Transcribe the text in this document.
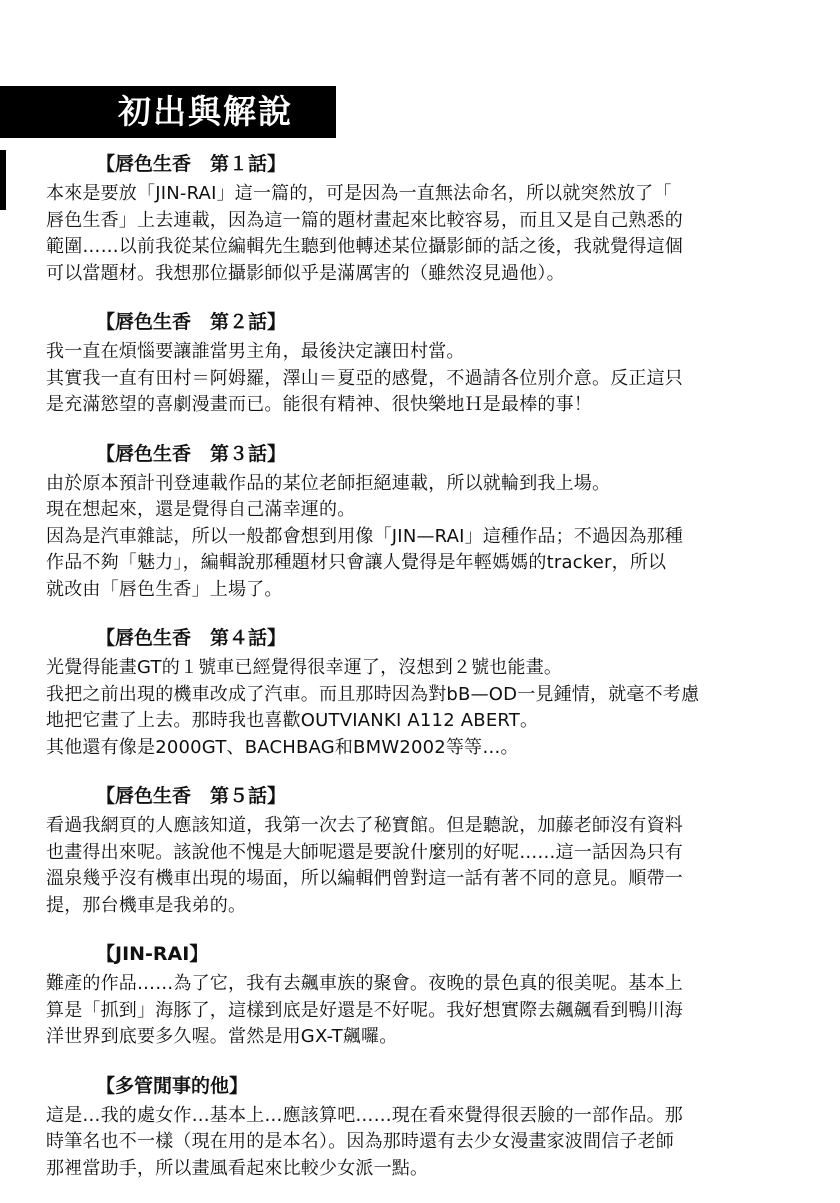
初出與解說
【唇色生香　第１話】
本來是要放「JIN-RAI」這一篇的，可是因為一直無法命名，所以就突然放了「
唇色生香」上去連載，因為這一篇的題材畫起來比較容易，而且又是自己熟悉的
範圍……以前我從某位編輯先生聽到他轉述某位攝影師的話之後，我就覺得這個
可以當題材。我想那位攝影師似乎是滿厲害的（雖然沒見過他）。
【唇色生香　第２話】
我一直在煩惱要讓誰當男主角，最後決定讓田村當。
其實我一直有田村＝阿姆羅，澤山＝夏亞的感覺，不過請各位別介意。反正這只
是充滿慾望的喜劇漫畫而已。能很有精神、很快樂地Ｈ是最棒的事！
【唇色生香　第３話】
由於原本預計刊登連載作品的某位老師拒絕連載，所以就輪到我上場。
現在想起來，還是覺得自己滿幸運的。
因為是汽車雜誌，所以一般都會想到用像「JIN—RAI」這種作品；不過因為那種
作品不夠「魅力」，編輯說那種題材只會讓人覺得是年輕媽媽的tracker，所以
就改由「唇色生香」上場了。
【唇色生香　第４話】
光覺得能畫GT的１號車已經覺得很幸運了，沒想到２號也能畫。
我把之前出現的機車改成了汽車。而且那時因為對bB—OD一見鍾情，就毫不考慮
地把它畫了上去。那時我也喜歡OUTVIANKI A112 ABERT。
其他還有像是2000GT、BACHBAG和BMW2002等等…。
【唇色生香　第５話】
看過我網頁的人應該知道，我第一次去了秘寶館。但是聽說，加藤老師沒有資料
也畫得出來呢。該說他不愧是大師呢還是要說什麼別的好呢……這一話因為只有
溫泉幾乎沒有機車出現的場面，所以編輯們曾對這一話有著不同的意見。順帶一
提，那台機車是我弟的。
【JIN-RAI】
難產的作品……為了它，我有去飆車族的聚會。夜晚的景色真的很美呢。基本上
算是「抓到」海豚了，這樣到底是好還是不好呢。我好想實際去飆飆看到鴨川海
洋世界到底要多久喔。當然是用GX-T飆囉。
【多管閒事的他】
這是…我的處女作…基本上…應該算吧……現在看來覺得很丟臉的一部作品。那
時筆名也不一樣（現在用的是本名）。因為那時還有去少女漫畫家波間信子老師
那裡當助手，所以畫風看起來比較少女派一點。
